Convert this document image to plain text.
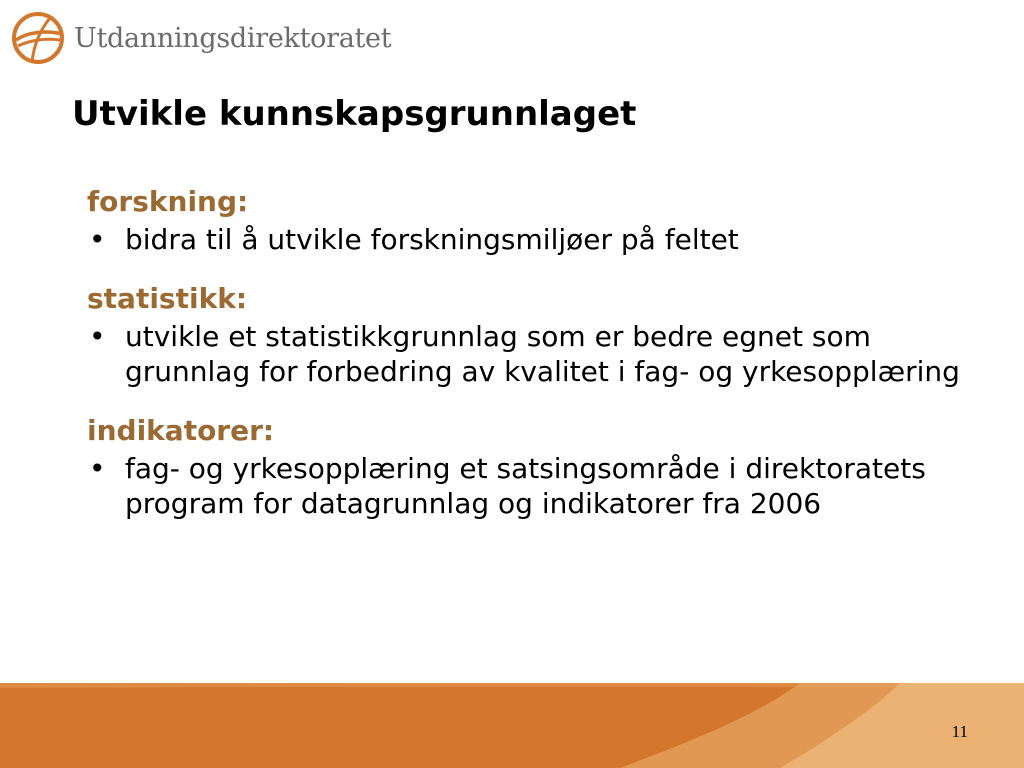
Utdanningsdirektoratet
Utvikle kunnskapsgrunnlaget
forskning:
• bidra til å utvikle forskningsmiljøer på feltet
statistikk:
• utvikle et statistikkgrunnlag som er bedre egnet som grunnlag for forbedring av kvalitet i fag- og yrkesopplæring
indikatorer:
• fag- og yrkesopplæring et satsingsområde i direktoratets program for datagrunnlag og indikatorer fra 2006
11
